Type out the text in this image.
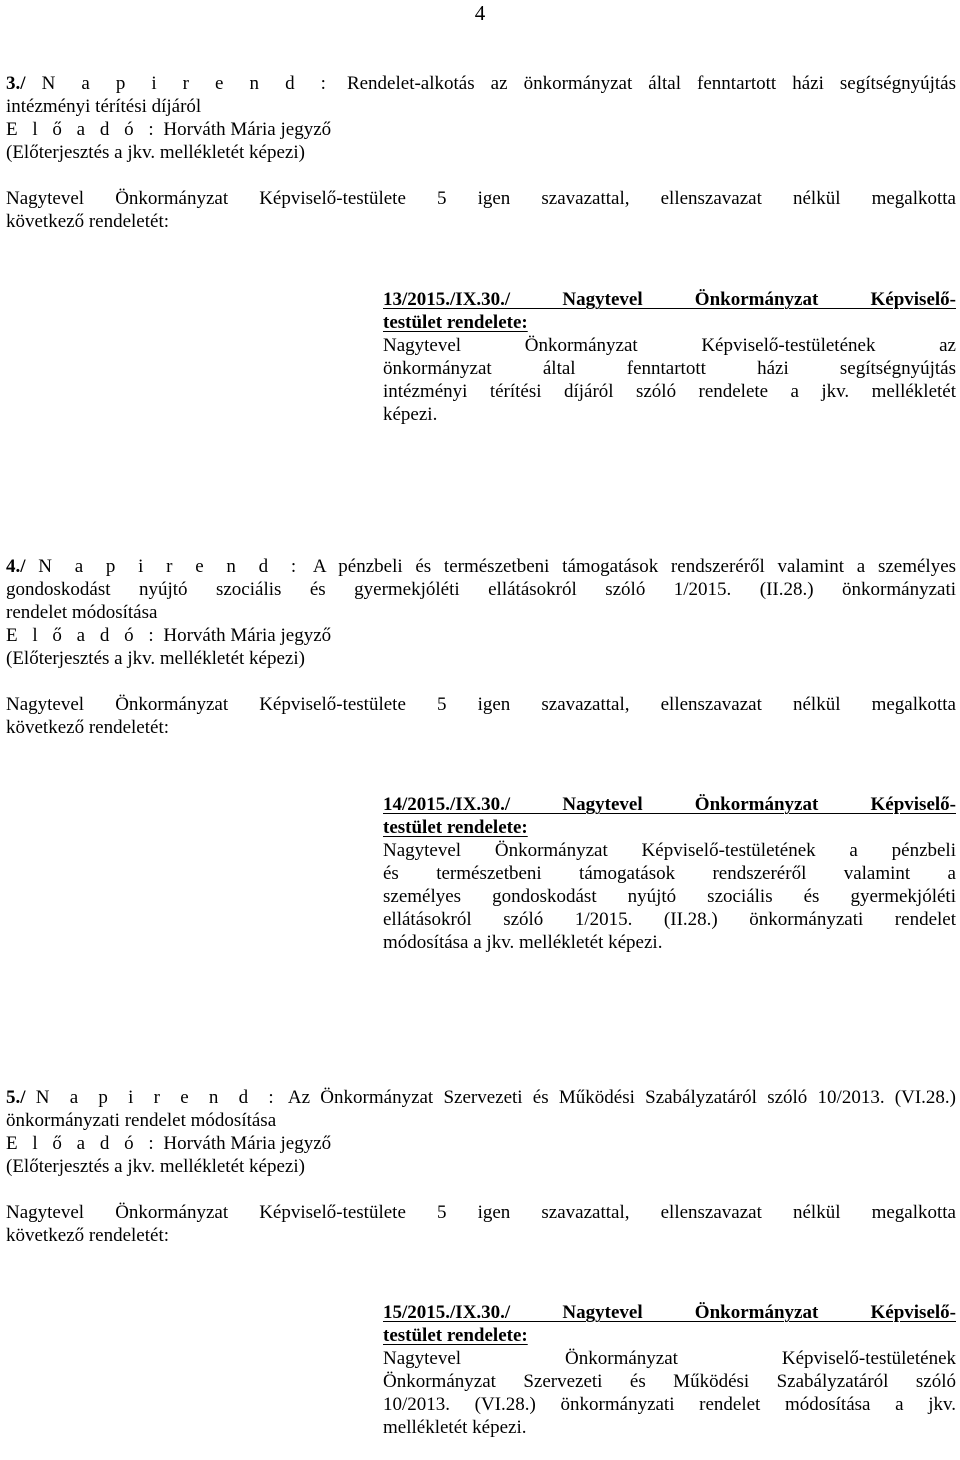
4
3./ N a p i r e n d : Rendelet-alkotás az önkormányzat által fenntartott házi segítségnyújtás
intézményi térítési díjáról
E l ő a d ó : Horváth Mária jegyző
(Előterjesztés a jkv. mellékletét képezi)
Nagytevel Önkormányzat Képviselő-testülete 5 igen szavazattal, ellenszavazat nélkül megalkotta
következő rendeletét:
13/2015./IX.30./ Nagytevel Önkormányzat Képviselő-
testület rendelete:
Nagytevel Önkormányzat Képviselő-testületének az
önkormányzat által fenntartott házi segítségnyújtás
intézményi térítési díjáról szóló rendelete a jkv. mellékletét
képezi.
4./ N a p i r e n d : A pénzbeli és természetbeni támogatások rendszeréről valamint a személyes
gondoskodást nyújtó szociális és gyermekjóléti ellátásokról szóló 1/2015. (II.28.) önkormányzati
rendelet módosítása
E l ő a d ó : Horváth Mária jegyző
(Előterjesztés a jkv. mellékletét képezi)
Nagytevel Önkormányzat Képviselő-testülete 5 igen szavazattal, ellenszavazat nélkül megalkotta
következő rendeletét:
14/2015./IX.30./ Nagytevel Önkormányzat Képviselő-
testület rendelete:
Nagytevel Önkormányzat Képviselő-testületének a pénzbeli
és természetbeni támogatások rendszeréről valamint a
személyes gondoskodást nyújtó szociális és gyermekjóléti
ellátásokról szóló 1/2015. (II.28.) önkormányzati rendelet
módosítása a jkv. mellékletét képezi.
5./ N a p i r e n d : Az Önkormányzat Szervezeti és Működési Szabályzatáról szóló 10/2013. (VI.28.)
önkormányzati rendelet módosítása
E l ő a d ó : Horváth Mária jegyző
(Előterjesztés a jkv. mellékletét képezi)
Nagytevel Önkormányzat Képviselő-testülete 5 igen szavazattal, ellenszavazat nélkül megalkotta
következő rendeletét:
15/2015./IX.30./ Nagytevel Önkormányzat Képviselő-
testület rendelete:
Nagytevel Önkormányzat Képviselő-testületének
Önkormányzat Szervezeti és Működési Szabályzatáról szóló
10/2013. (VI.28.) önkormányzati rendelet módosítása a jkv.
mellékletét képezi.
